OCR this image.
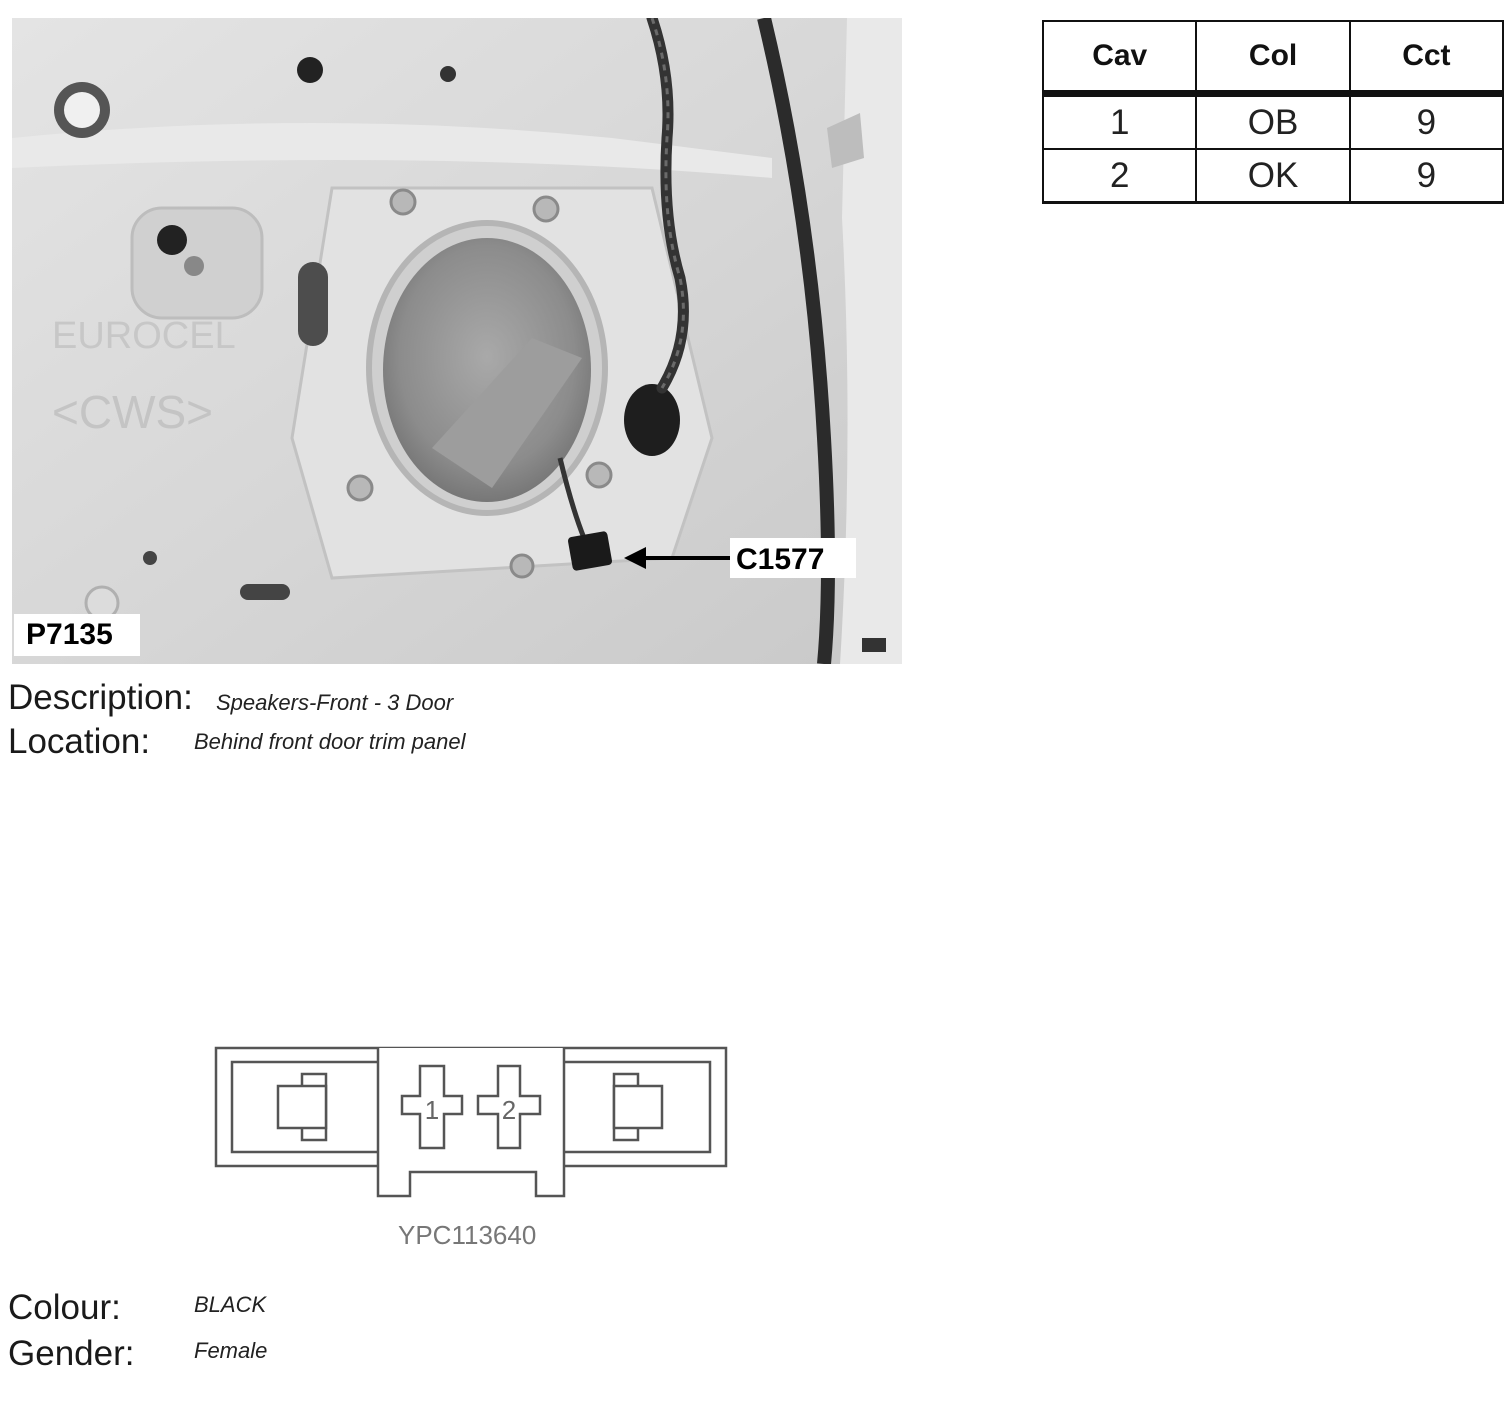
EUROCEL
<CWS>
P7135
C1577
Cav	Col	Cct
1	OB	9
2	OK	9
Description: Speakers-Front - 3 Door
Location: Behind front door trim panel
1 2
YPC113640
Colour:	BLACK
Gender:	Female
